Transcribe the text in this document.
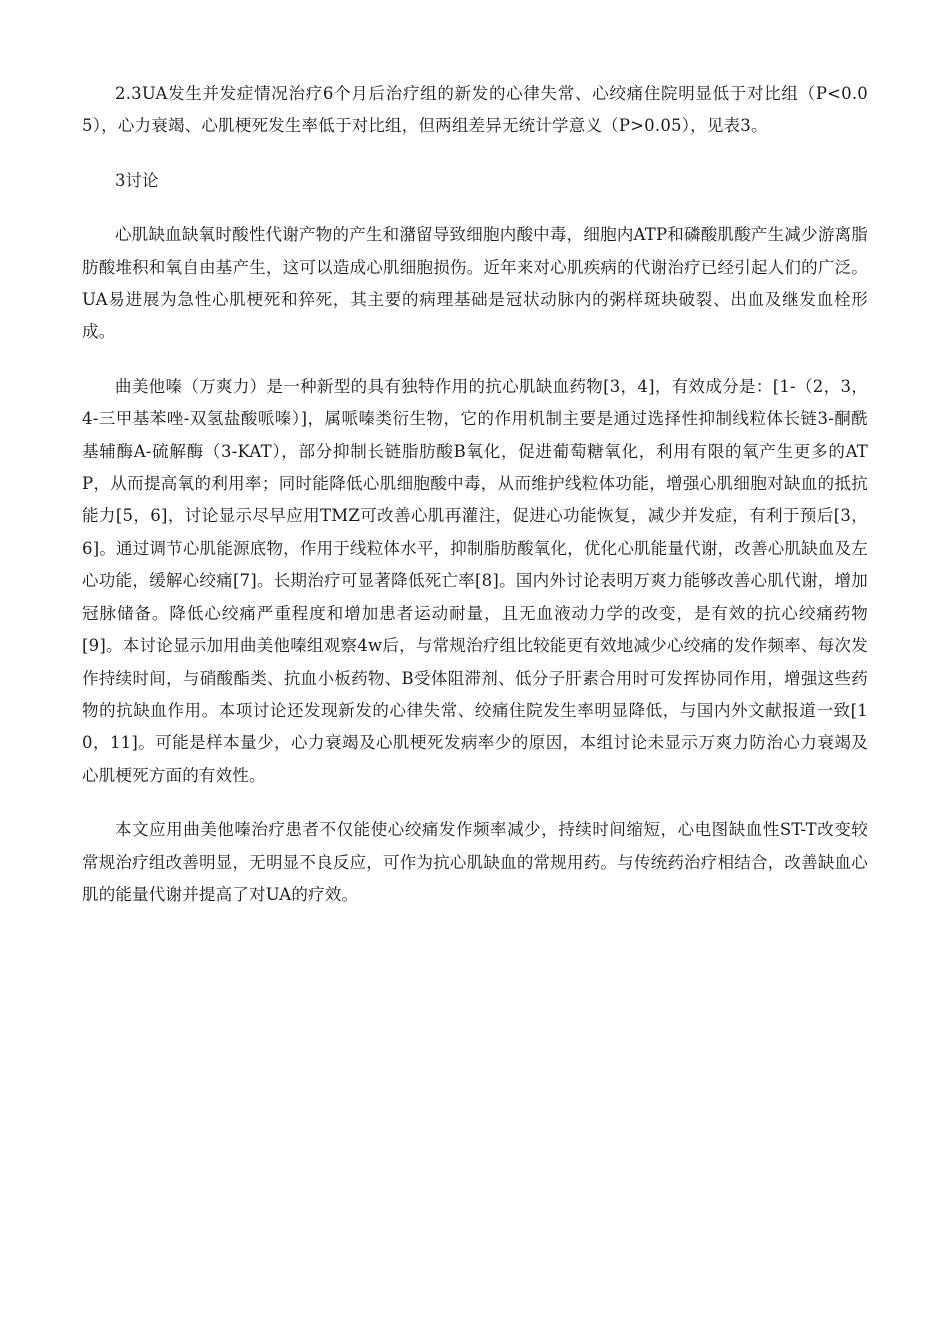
2.3UA发生并发症情况治疗6个月后治疗组的新发的心律失常、心绞痛住院明显低于对比组（P<0.05），心力衰竭、心肌梗死发生率低于对比组，但两组差异无统计学意义（P>0.05），见表3。

3讨论

心肌缺血缺氧时酸性代谢产物的产生和潴留导致细胞内酸中毒，细胞内ATP和磷酸肌酸产生减少游离脂肪酸堆积和氧自由基产生，这可以造成心肌细胞损伤。近年来对心肌疾病的代谢治疗已经引起人们的广泛。UA易进展为急性心肌梗死和猝死，其主要的病理基础是冠状动脉内的粥样斑块破裂、出血及继发血栓形成。

曲美他嗪（万爽力）是一种新型的具有独特作用的抗心肌缺血药物[3，4]，有效成分是：[1-（2，3，4-三甲基苯唑-双氢盐酸哌嗪）]，属哌嗪类衍生物，它的作用机制主要是通过选择性抑制线粒体长链3-酮酰基辅酶A-硫解酶（3-KAT），部分抑制长链脂肪酸B氧化，促进葡萄糖氧化，利用有限的氧产生更多的ATP，从而提高氧的利用率；同时能降低心肌细胞酸中毒，从而维护线粒体功能，增强心肌细胞对缺血的抵抗能力[5，6]，讨论显示尽早应用TMZ可改善心肌再灌注，促进心功能恢复，减少并发症，有利于预后[3，6]。通过调节心肌能源底物，作用于线粒体水平，抑制脂肪酸氧化，优化心肌能量代谢，改善心肌缺血及左心功能，缓解心绞痛[7]。长期治疗可显著降低死亡率[8]。国内外讨论表明万爽力能够改善心肌代谢，增加冠脉储备。降低心绞痛严重程度和增加患者运动耐量，且无血液动力学的改变，是有效的抗心绞痛药物[9]。本讨论显示加用曲美他嗪组观察4w后，与常规治疗组比较能更有效地减少心绞痛的发作频率、每次发作持续时间，与硝酸酯类、抗血小板药物、B受体阻滞剂、低分子肝素合用时可发挥协同作用，增强这些药物的抗缺血作用。本项讨论还发现新发的心律失常、绞痛住院发生率明显降低，与国内外文献报道一致[10，11]。可能是样本量少，心力衰竭及心肌梗死发病率少的原因，本组讨论未显示万爽力防治心力衰竭及心肌梗死方面的有效性。

本文应用曲美他嗪治疗患者不仅能使心绞痛发作频率减少，持续时间缩短，心电图缺血性ST-T改变较常规治疗组改善明显，无明显不良反应，可作为抗心肌缺血的常规用药。与传统药治疗相结合，改善缺血心肌的能量代谢并提高了对UA的疗效。
